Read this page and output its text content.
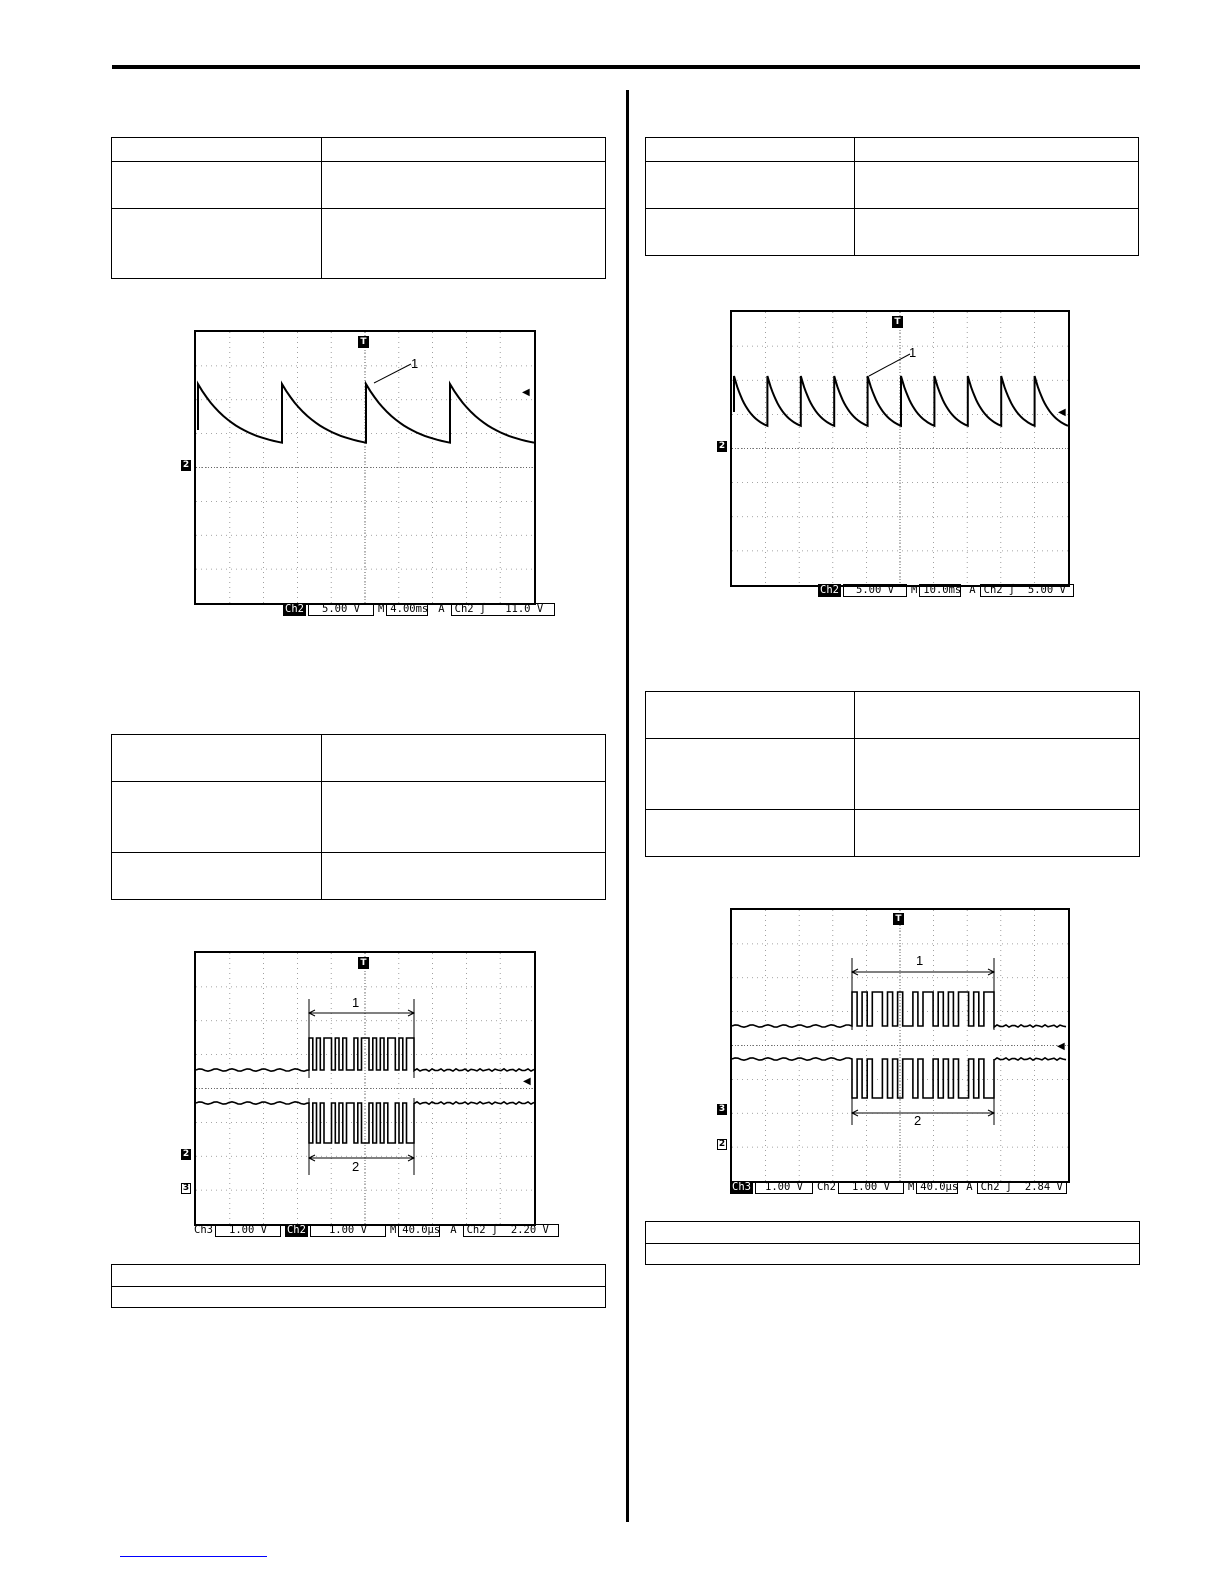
T
2
1
◀
Ch2 5.00 V M 4.00ms A Ch2 ∫ 11.0 V
T
2
1
◀
Ch2 5.00 V M 10.0ms A Ch2 ∫ 5.00 V
T
2
3
1
2
◀
Ch3 1.00 V Ch2 1.00 V M 40.0µs A Ch2 ∫ 2.20 V
T
3
2
1
2
◀
Ch3 1.00 V Ch2 1.00 V M 40.0µs A Ch2 ∫ 2.84 V
